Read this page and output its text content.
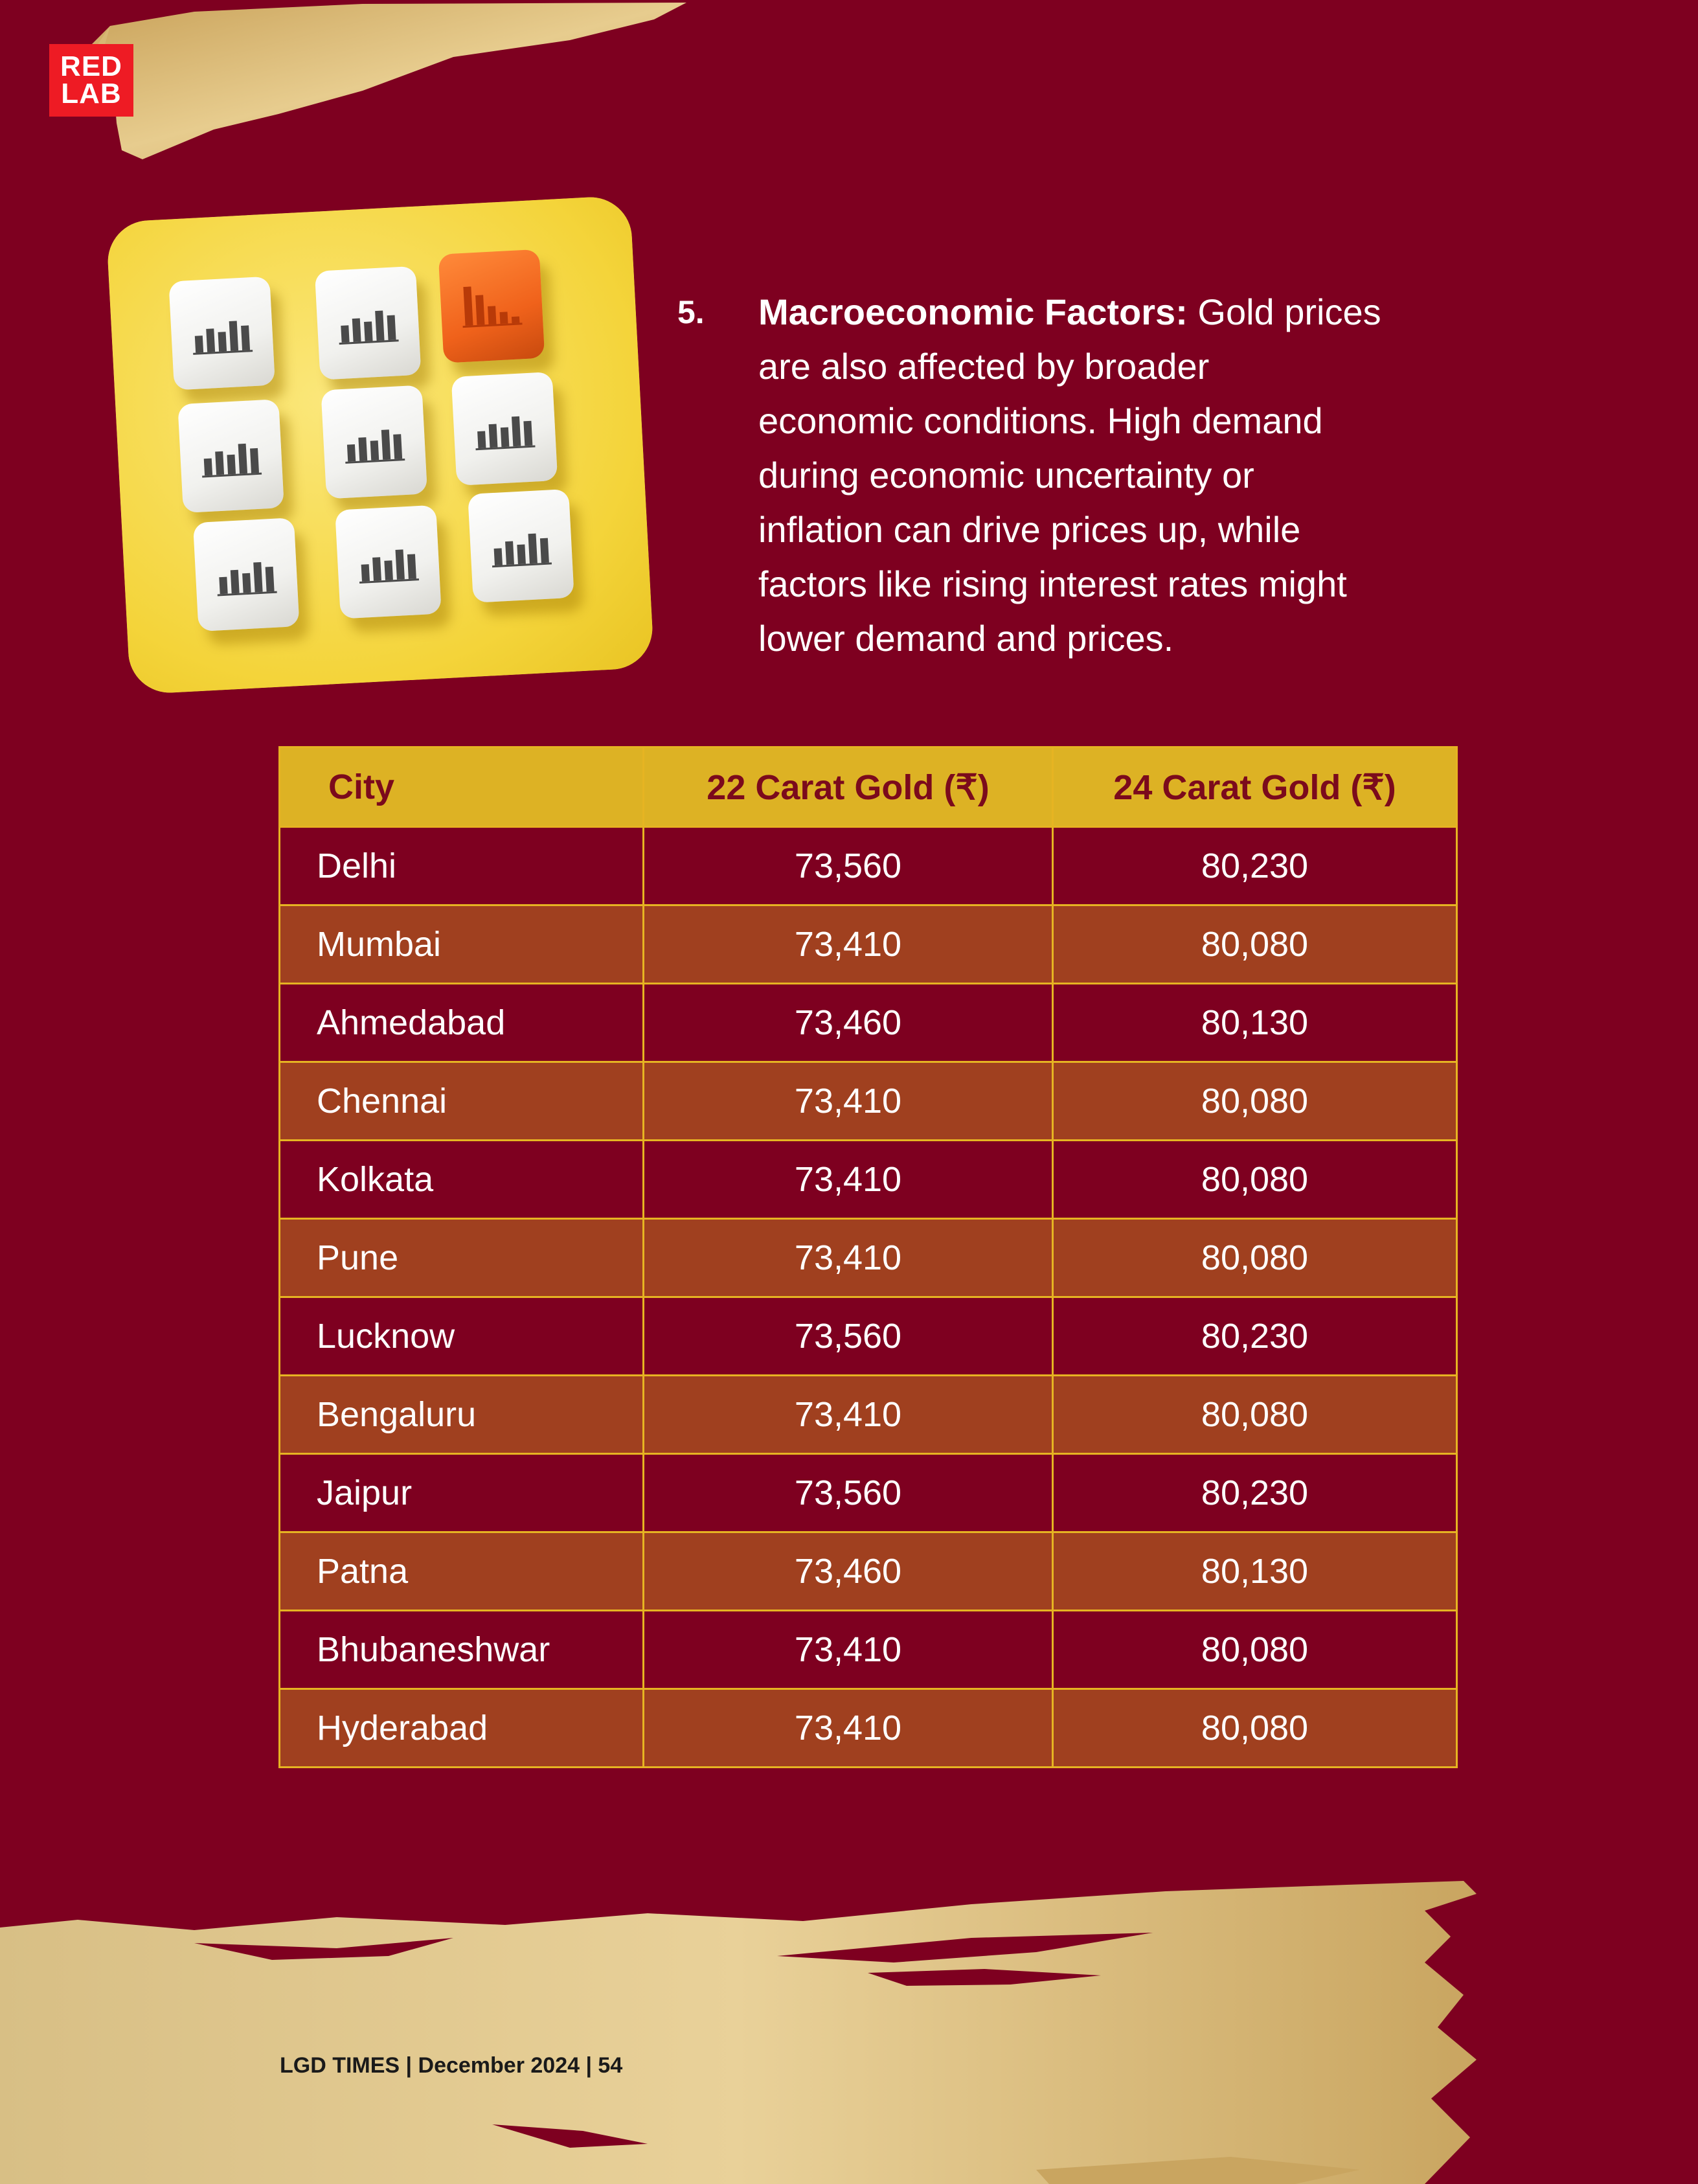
RED
LAB
5. Macroeconomic Factors: Gold prices
are also affected by broader
economic conditions. High demand
during economic uncertainty or
inflation can drive prices up, while
factors like rising interest rates might
lower demand and prices.
City	22 Carat Gold (₹)	24 Carat Gold (₹)
Delhi	73,560	80,230
Mumbai	73,410	80,080
Ahmedabad	73,460	80,130
Chennai	73,410	80,080
Kolkata	73,410	80,080
Pune	73,410	80,080
Lucknow	73,560	80,230
Bengaluru	73,410	80,080
Jaipur	73,560	80,230
Patna	73,460	80,130
Bhubaneshwar	73,410	80,080
Hyderabad	73,410	80,080
LGD TIMES | December 2024 | 54
